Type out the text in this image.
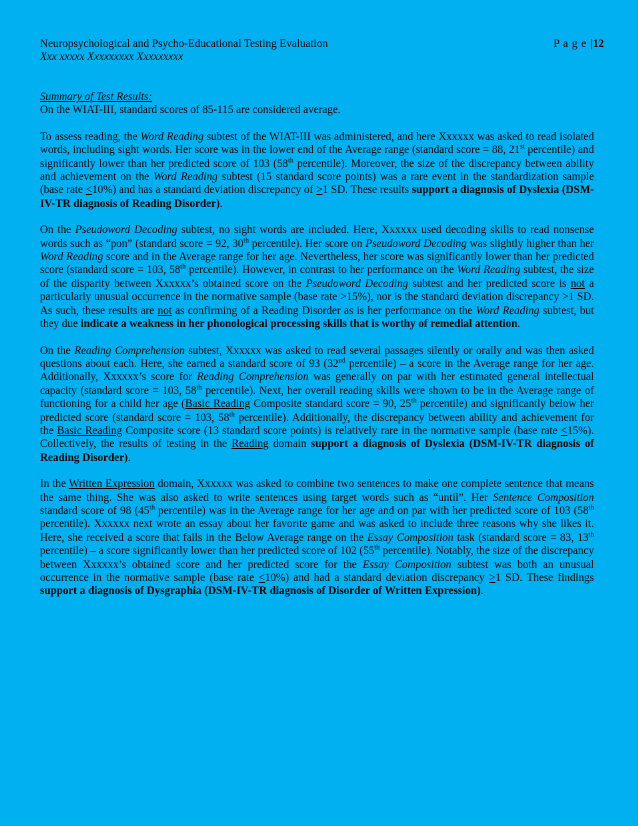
Neuropsychological and Psycho-Educational Testing Evaluation
Xxx xxxxx Xxxxxxxxx Xxxxxxxxx
P a g e |12
Summary of Test Results:

On the WIAT-III, standard scores of 85-115 are considered average.

To assess reading, the Word Reading subtest of the WIAT-III was administered, and here Xxxxxx was asked to read isolated words, including sight words. Her score was in the lower end of the Average range (standard score = 88, 21st percentile) and significantly lower than her predicted score of 103 (58th percentile). Moreover, the size of the discrepancy between ability and achievement on the Word Reading subtest (15 standard score points) was a rare event in the standardization sample (base rate <10%) and has a standard deviation discrepancy of >1 SD. These results support a diagnosis of Dyslexia (DSM-IV-TR diagnosis of Reading Disorder).

On the Pseudoword Decoding subtest, no sight words are included. Here, Xxxxxx used decoding skills to read nonsense words such as “pon” (standard score = 92, 30th percentile). Her score on Pseudoword Decoding was slightly higher than her Word Reading score and in the Average range for her age. Nevertheless, her score was significantly lower than her predicted score (standard score = 103, 58th percentile). However, in contrast to her performance on the Word Reading subtest, the size of the disparity between Xxxxxx’s obtained score on the Pseudoword Decoding subtest and her predicted score is not a particularly unusual occurrence in the normative sample (base rate >15%), nor is the standard deviation discrepancy >1 SD. As such, these results are not as confirming of a Reading Disorder as is her performance on the Word Reading subtest, but they due indicate a weakness in her phonological processing skills that is worthy of remedial attention.

On the Reading Comprehension subtest, Xxxxxx was asked to read several passages silently or orally and was then asked questions about each. Here, she earned a standard score of 93 (32nd percentile) – a score in the Average range for her age. Additionally, Xxxxxx’s score for Reading Comprehension was generally on par with her estimated general intellectual capacity (standard score = 103, 58th percentile). Next, her overall reading skills were shown to be in the Average range of functioning for a child her age (Basic Reading Composite standard score = 90, 25th percentile) and significantly below her predicted score (standard score = 103, 58th percentile). Additionally, the discrepancy between ability and achievement for the Basic Reading Composite score (13 standard score points) is relatively rare in the normative sample (base rate <15%). Collectively, the results of testing in the Reading domain support a diagnosis of Dyslexia (DSM-IV-TR diagnosis of Reading Disorder).

In the Written Expression domain, Xxxxxx was asked to combine two sentences to make one complete sentence that means the same thing. She was also asked to write sentences using target words such as “until”. Her Sentence Composition standard score of 98 (45th percentile) was in the Average range for her age and on par with her predicted score of 103 (58th percentile). Xxxxxx next wrote an essay about her favorite game and was asked to include three reasons why she likes it. Here, she received a score that falls in the Below Average range on the Essay Composition task (standard score = 83, 13th percentile) – a score significantly lower than her predicted score of 102 (55th percentile). Notably, the size of the discrepancy between Xxxxxx’s obtained score and her predicted score for the Essay Composition subtest was both an unusual occurrence in the normative sample (base rate <10%) and had a standard deviation discrepancy >1 SD. These findings support a diagnosis of Dysgraphia (DSM-IV-TR diagnosis of Disorder of Written Expression).
